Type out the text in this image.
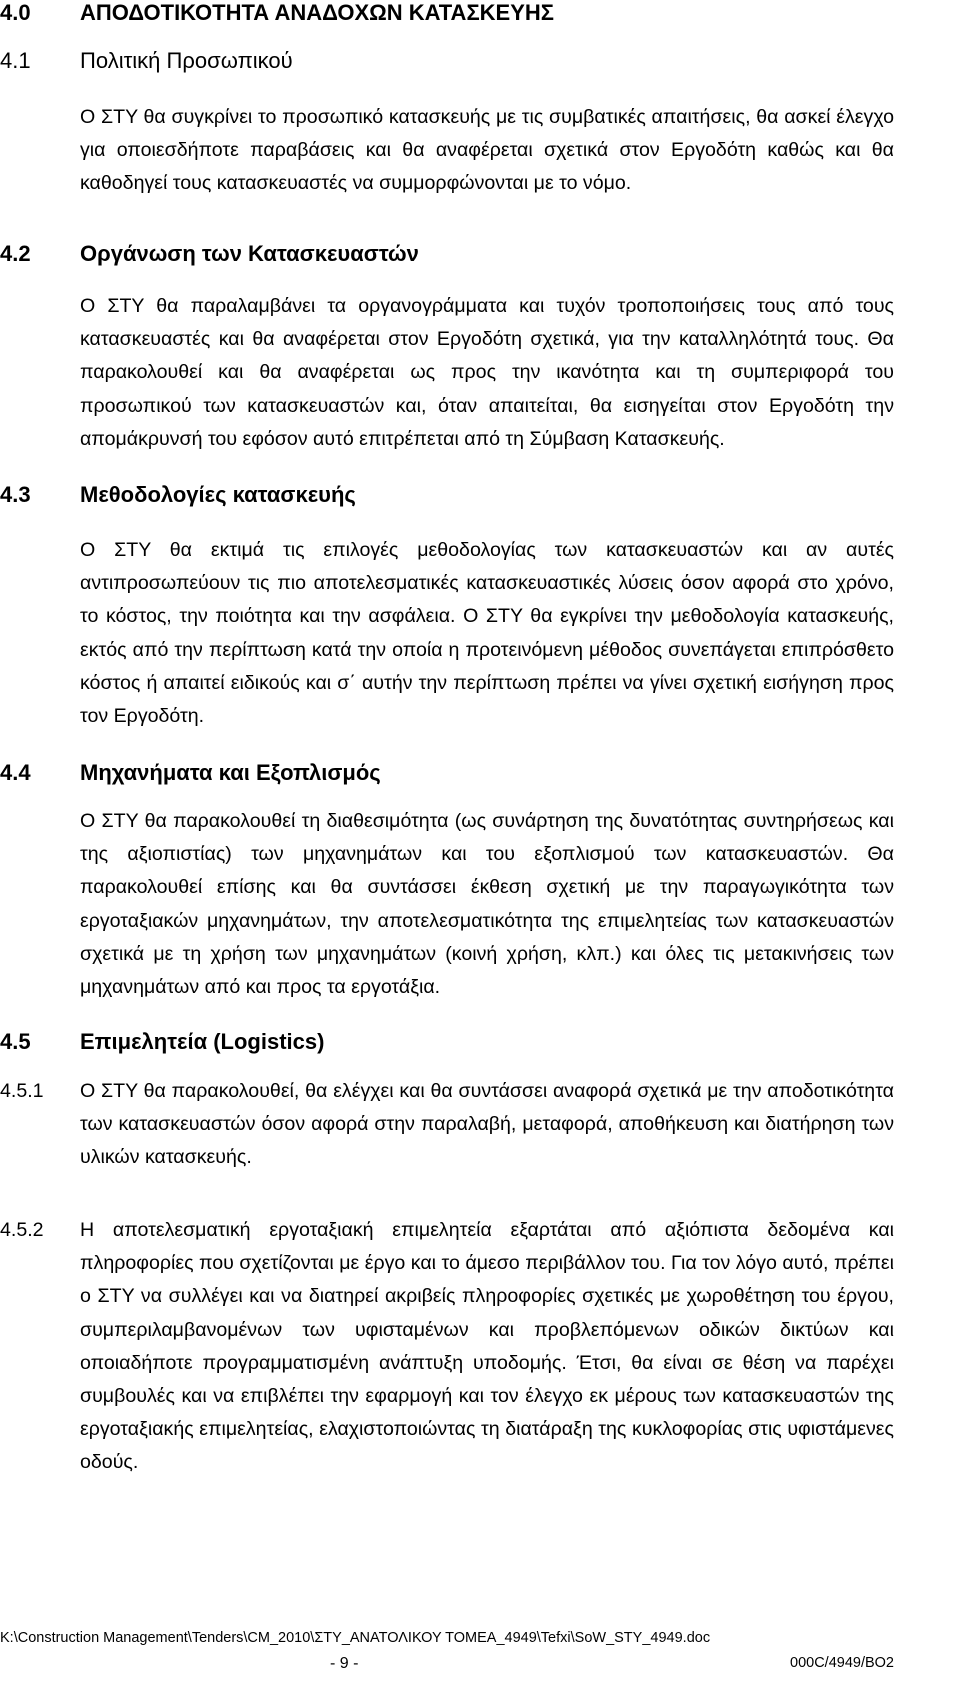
4.0 ΑΠΟΔΟΤΙΚΟΤΗΤΑ ΑΝΑΔΟΧΩΝ ΚΑΤΑΣΚΕΥΗΣ
4.1 Πολιτική Προσωπικού

Ο ΣΤΥ θα συγκρίνει το προσωπικό κατασκευής με τις συμβατικές απαιτήσεις, θα ασκεί έλεγχο για οποιεσδήποτε παραβάσεις και θα αναφέρεται σχετικά στον Εργοδότη καθώς και θα καθοδηγεί τους κατασκευαστές να συμμορφώνονται με το νόμο.

4.2 Οργάνωση των Κατασκευαστών

Ο ΣΤΥ θα παραλαμβάνει τα οργανογράμματα και τυχόν τροποποιήσεις τους από τους κατασκευαστές και θα αναφέρεται στον Εργοδότη σχετικά, για την καταλληλότητά τους. Θα παρακολουθεί και θα αναφέρεται ως προς την ικανότητα και τη συμπεριφορά του προσωπικού των κατασκευαστών και, όταν απαιτείται, θα εισηγείται στον Εργοδότη την απομάκρυνσή του εφόσον αυτό επιτρέπεται από τη Σύμβαση Κατασκευής.

4.3 Μεθοδολογίες κατασκευής

Ο ΣΤΥ θα εκτιμά τις επιλογές μεθοδολογίας των κατασκευαστών και αν αυτές αντιπροσωπεύουν τις πιο αποτελεσματικές κατασκευαστικές λύσεις όσον αφορά στο χρόνο, το κόστος, την ποιότητα και την ασφάλεια. Ο ΣΤΥ θα εγκρίνει την μεθοδολογία κατασκευής, εκτός από την περίπτωση κατά την οποία η προτεινόμενη μέθοδος συνεπάγεται επιπρόσθετο κόστος ή απαιτεί ειδικούς και σ΄ αυτήν την περίπτωση πρέπει να γίνει σχετική εισήγηση προς τον Εργοδότη.

4.4 Μηχανήματα και Εξοπλισμός

Ο ΣΤΥ θα παρακολουθεί τη διαθεσιμότητα (ως συνάρτηση της δυνατότητας συντηρήσεως και της αξιοπιστίας) των μηχανημάτων και του εξοπλισμού των κατασκευαστών. Θα παρακολουθεί επίσης και θα συντάσσει έκθεση σχετική με την παραγωγικότητα των εργοταξιακών μηχανημάτων, την αποτελεσματικότητα της επιμελητείας των κατασκευαστών σχετικά με τη χρήση των μηχανημάτων (κοινή χρήση, κλπ.) και όλες τις μετακινήσεις των μηχανημάτων από και προς τα εργοτάξια.

4.5 Επιμελητεία (Logistics)
4.5.1 Ο ΣΤΥ θα παρακολουθεί, θα ελέγχει και θα συντάσσει αναφορά σχετικά με την αποδοτικότητα των κατασκευαστών όσον αφορά στην παραλαβή, μεταφορά, αποθήκευση και διατήρηση των υλικών κατασκευής.

4.5.2 Η αποτελεσματική εργοταξιακή επιμελητεία εξαρτάται από αξιόπιστα δεδομένα και πληροφορίες που σχετίζονται με έργο και το άμεσο περιβάλλον του. Για τον λόγο αυτό, πρέπει ο ΣΤΥ να συλλέγει και να διατηρεί ακριβείς πληροφορίες σχετικές με χωροθέτηση του έργου, συμπεριλαμβανομένων των υφισταμένων και προβλεπόμενων οδικών δικτύων και οποιαδήποτε προγραμματισμένη ανάπτυξη υποδομής. Έτσι, θα είναι σε θέση να παρέχει συμβουλές και να επιβλέπει την εφαρμογή και τον έλεγχο εκ μέρους των κατασκευαστών της εργοταξιακής επιμελητείας, ελαχιστοποιώντας τη διατάραξη της κυκλοφορίας στις υφιστάμενες οδούς.

K:\Construction Management\Tenders\CM_2010\ΣΤΥ_ΑΝΑΤΟΛΙΚΟΥ ΤΟΜΕΑ_4949\Tefxi\SoW_STY_4949.doc
- 9 -	000C/4949/BO2
